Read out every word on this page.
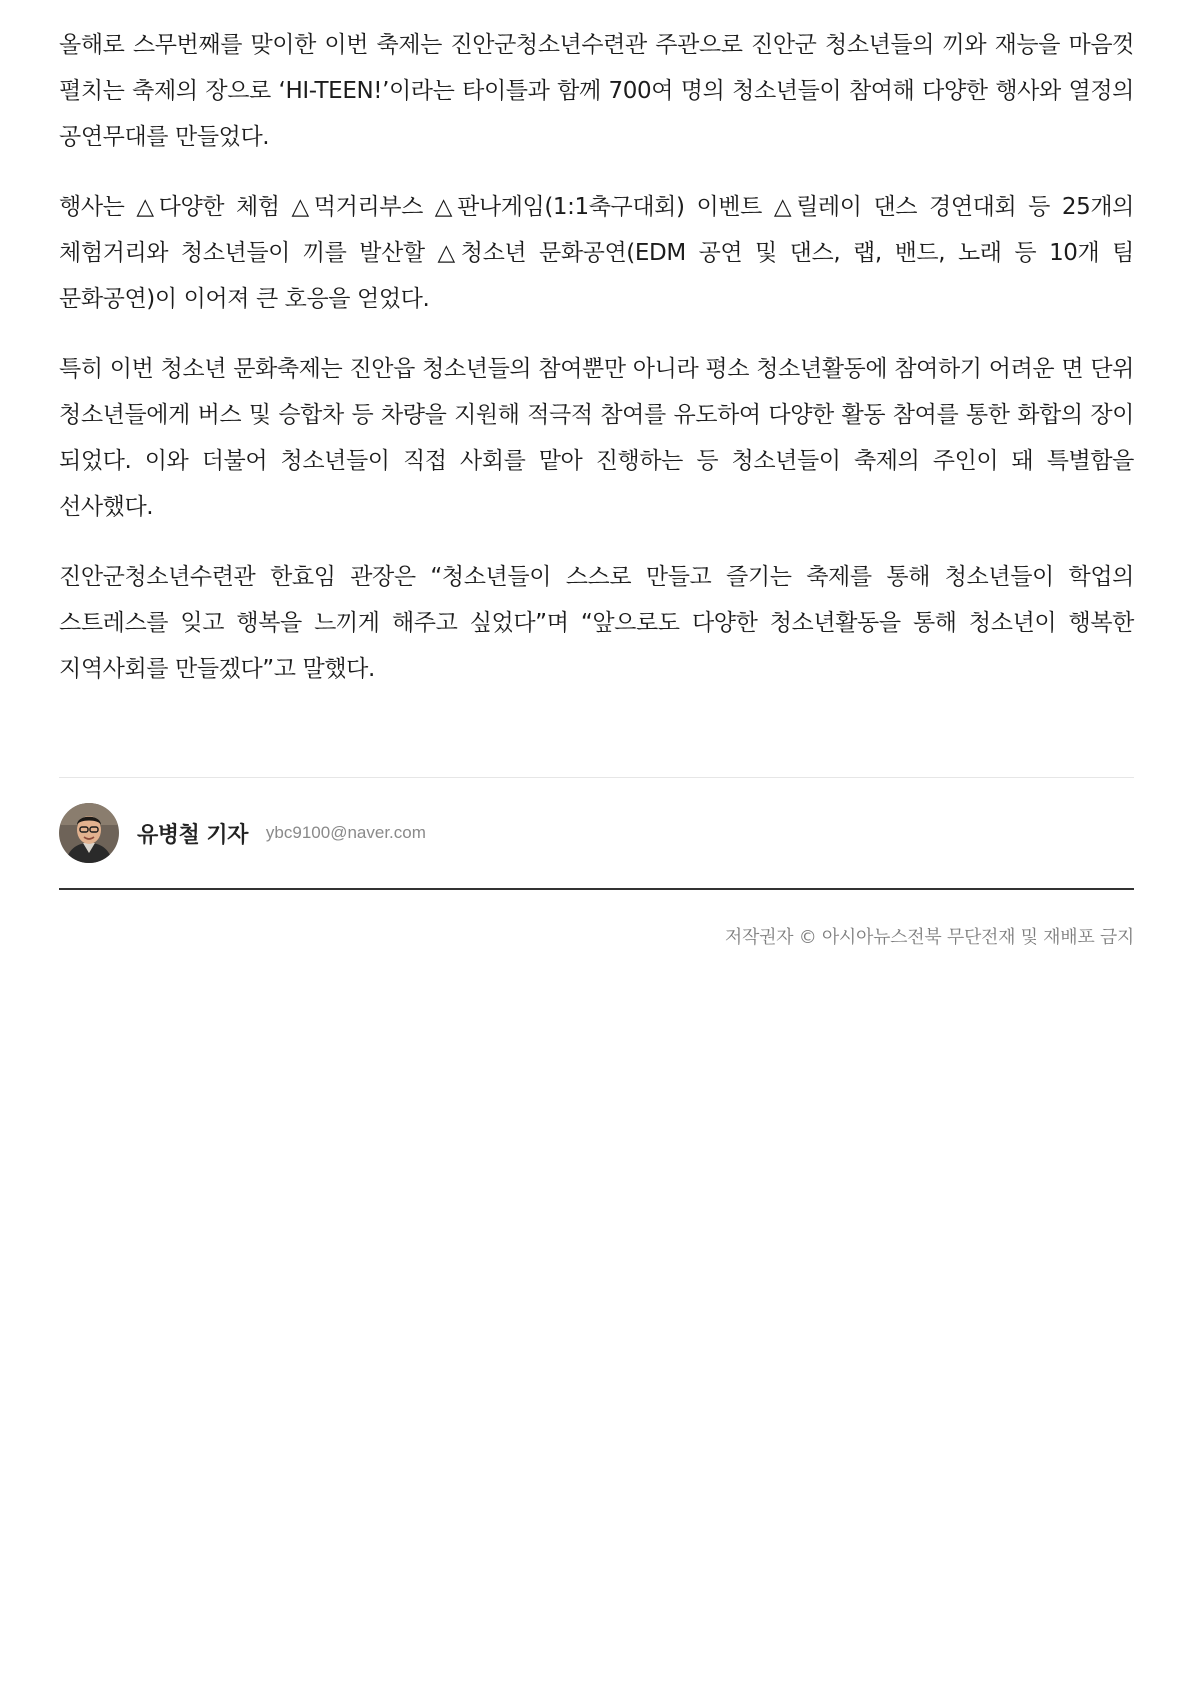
올해로 스무번째를 맞이한 이번 축제는 진안군청소년수련관 주관으로 진안군 청소년들의 끼와 재능을 마음껏 펼치는 축제의 장으로 ‘HI-TEEN!’이라는 타이틀과 함께 700여 명의 청소년들이 참여해 다양한 행사와 열정의 공연무대를 만들었다.

행사는 △다양한 체험 △먹거리부스 △판나게임(1:1축구대회) 이벤트 △릴레이 댄스 경연대회 등 25개의 체험거리와 청소년들이 끼를 발산할 △청소년 문화공연(EDM 공연 및 댄스, 랩, 밴드, 노래 등 10개 팀 문화공연)이 이어져 큰 호응을 얻었다.

특히 이번 청소년 문화축제는 진안읍 청소년들의 참여뿐만 아니라 평소 청소년활동에 참여하기 어려운 면 단위 청소년들에게 버스 및 승합차 등 차량을 지원해 적극적 참여를 유도하여 다양한 활동 참여를 통한 화합의 장이 되었다. 이와 더불어 청소년들이 직접 사회를 맡아 진행하는 등 청소년들이 축제의 주인이 돼 특별함을 선사했다.

진안군청소년수련관 한효임 관장은 “청소년들이 스스로 만들고 즐기는 축제를 통해 청소년들이 학업의 스트레스를 잊고 행복을 느끼게 해주고 싶었다”며 “앞으로도 다양한 청소년활동을 통해 청소년이 행복한 지역사회를 만들겠다”고 말했다.

유병철 기자 ybc9100@naver.com
저작권자 © 아시아뉴스전북 무단전재 및 재배포 금지
